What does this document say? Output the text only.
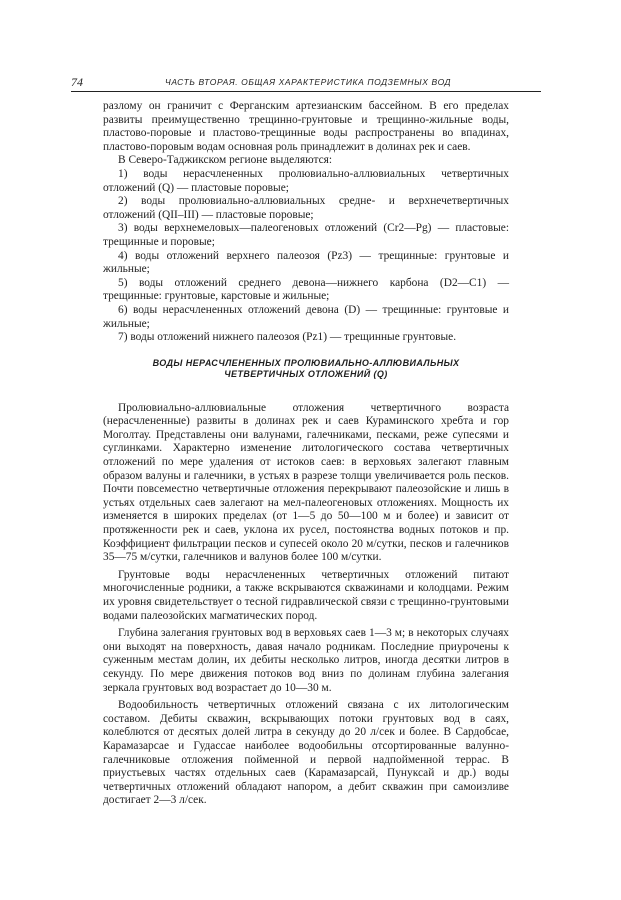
74	ЧАСТЬ ВТОРАЯ. ОБЩАЯ ХАРАКТЕРИСТИКА ПОДЗЕМНЫХ ВОД

разлому он граничит с Ферганским артезианским бассейном. В его пределах развиты преимущественно трещинно-грунтовые и трещинно-жильные воды, пластово-поровые и пластово-трещинные воды распространены во впадинах, пластово-поровым водам основная роль принадлежит в долинах рек и саев.

В Северо-Таджикском регионе выделяются:

1) воды нерасчлененных пролювиально-аллювиальных четвертичных отложений (Q) — пластовые поровые;

2) воды пролювиально-аллювиальных средне- и верхнечетвертичных отложений (QII–III) — пластовые поровые;

3) воды верхнемеловых—палеогеновых отложений (Cr2—Pg) — пластовые: трещинные и поровые;

4) воды отложений верхнего палеозоя (Pz3) — трещинные: грунтовые и жильные;

5) воды отложений среднего девона—нижнего карбона (D2—C1) — трещинные: грунтовые, карстовые и жильные;

6) воды нерасчлененных отложений девона (D) — трещинные: грунтовые и жильные;

7) воды отложений нижнего палеозоя (Pz1) — трещинные грунтовые.

ВОДЫ НЕРАСЧЛЕНЕННЫХ ПРОЛЮВИАЛЬНО-АЛЛЮВИАЛЬНЫХ
ЧЕТВЕРТИЧНЫХ ОТЛОЖЕНИЙ (Q)

Пролювиально-аллювиальные отложения четвертичного возраста (нерасчлененные) развиты в долинах рек и саев Кураминского хребта и гор Моголтау. Представлены они валунами, галечниками, песками, реже супесями и суглинками. Характерно изменение литологического состава четвертичных отложений по мере удаления от истоков саев: в верховьях залегают главным образом валуны и галечники, в устьях в разрезе толщи увеличивается роль песков. Почти повсеместно четвертичные отложения перекрывают палеозойские и лишь в устьях отдельных саев залегают на мел-палеогеновых отложениях. Мощность их изменяется в широких пределах (от 1—5 до 50—100 м и более) и зависит от протяженности рек и саев, уклона их русел, постоянства водных потоков и пр. Коэффициент фильтрации песков и супесей около 20 м/сутки, песков и галечников 35—75 м/сутки, галечников и валунов более 100 м/сутки.

Грунтовые воды нерасчлененных четвертичных отложений питают многочисленные родники, а также вскрываются скважинами и колодцами. Режим их уровня свидетельствует о тесной гидравлической связи с трещинно-грунтовыми водами палеозойских магматических пород.

Глубина залегания грунтовых вод в верховьях саев 1—3 м; в некоторых случаях они выходят на поверхность, давая начало родникам. Последние приурочены к суженным местам долин, их дебиты несколько литров, иногда десятки литров в секунду. По мере движения потоков вод вниз по долинам глубина залегания зеркала грунтовых вод возрастает до 10—30 м.

Водообильность четвертичных отложений связана с их литологическим составом. Дебиты скважин, вскрывающих потоки грунтовых вод в саях, колеблются от десятых долей литра в секунду до 20 л/сек и более. В Сардобсае, Карамазарсае и Гудассае наиболее водообильны отсортированные валунно-галечниковые отложения пойменной и первой надпойменной террас. В приустьевых частях отдельных саев (Карамазарсай, Пунуксай и др.) воды четвертичных отложений обладают напором, а дебит скважин при самоизливе достигает 2—3 л/сек.
